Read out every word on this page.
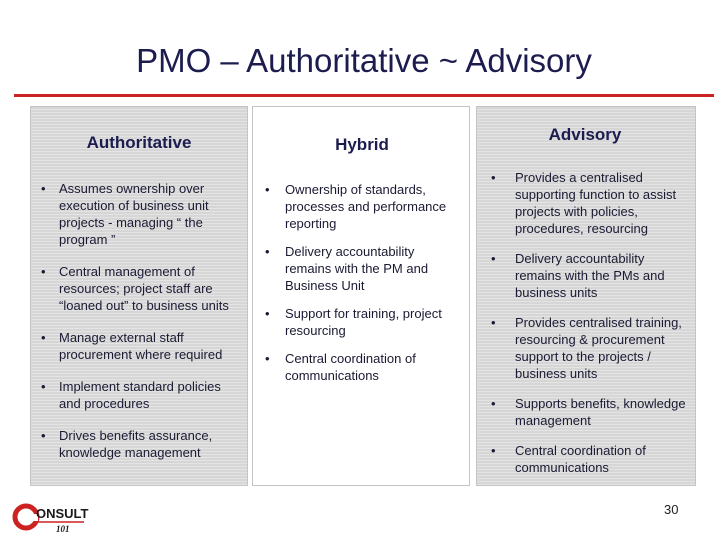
PMO – Authoritative ~ Advisory
Authoritative
• Assumes ownership over execution of business unit projects - managing “ the program ”
• Central management of resources; project staff are “loaned out” to business units
• Manage external staff procurement where required
• Implement standard policies and procedures
• Drives benefits assurance, knowledge management
Hybrid
• Ownership of standards, processes and performance reporting
• Delivery accountability remains with the PM and Business Unit
• Support for training, project resourcing
• Central coordination of communications
Advisory
• Provides a centralised supporting function to assist projects with policies, procedures, resourcing
• Delivery accountability remains with the PMs and business units
• Provides centralised training, resourcing & procurement support to the projects / business units
• Supports benefits, knowledge management
• Central coordination of communications
ONSULT
101
30
